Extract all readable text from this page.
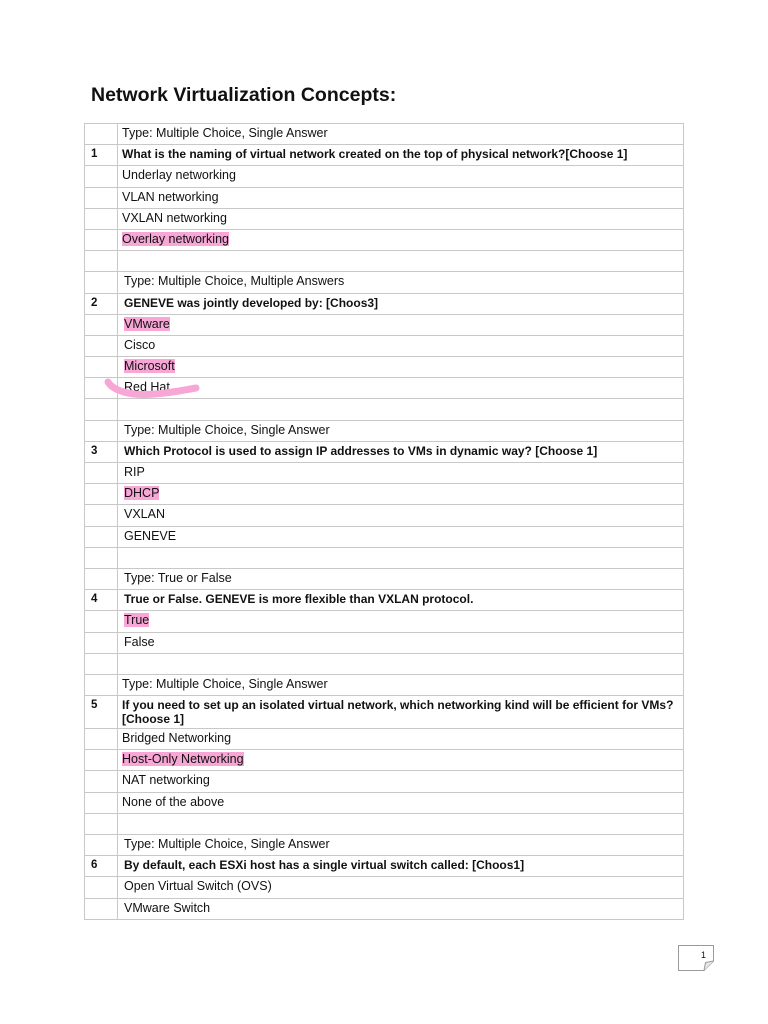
Network Virtualization Concepts:
	Type: Multiple Choice, Single Answer
1	What is the naming of virtual network created on the top of physical network?[Choose 1]
	Underlay networking
	VLAN networking
	VXLAN networking
	Overlay networking

	Type: Multiple Choice, Multiple Answers
2	GENEVE was jointly developed by: [Choos3]
	VMware
	Cisco
	Microsoft
	Red Hat

	Type: Multiple Choice, Single Answer
3	Which Protocol is used to assign IP addresses to VMs in dynamic way? [Choose 1]
	RIP
	DHCP
	VXLAN
	GENEVE

	Type: True or False
4	True or False. GENEVE is more flexible than VXLAN protocol.
	True
	False

	Type: Multiple Choice, Single Answer
5	If you need to set up an isolated virtual network, which networking kind will be efficient for VMs?[Choose 1]
	Bridged Networking
	Host-Only Networking
	NAT networking
	None of the above

	Type: Multiple Choice, Single Answer
6	By default, each ESXi host has a single virtual switch called: [Choos1]
	Open Virtual Switch (OVS)
	VMware Switch
1
